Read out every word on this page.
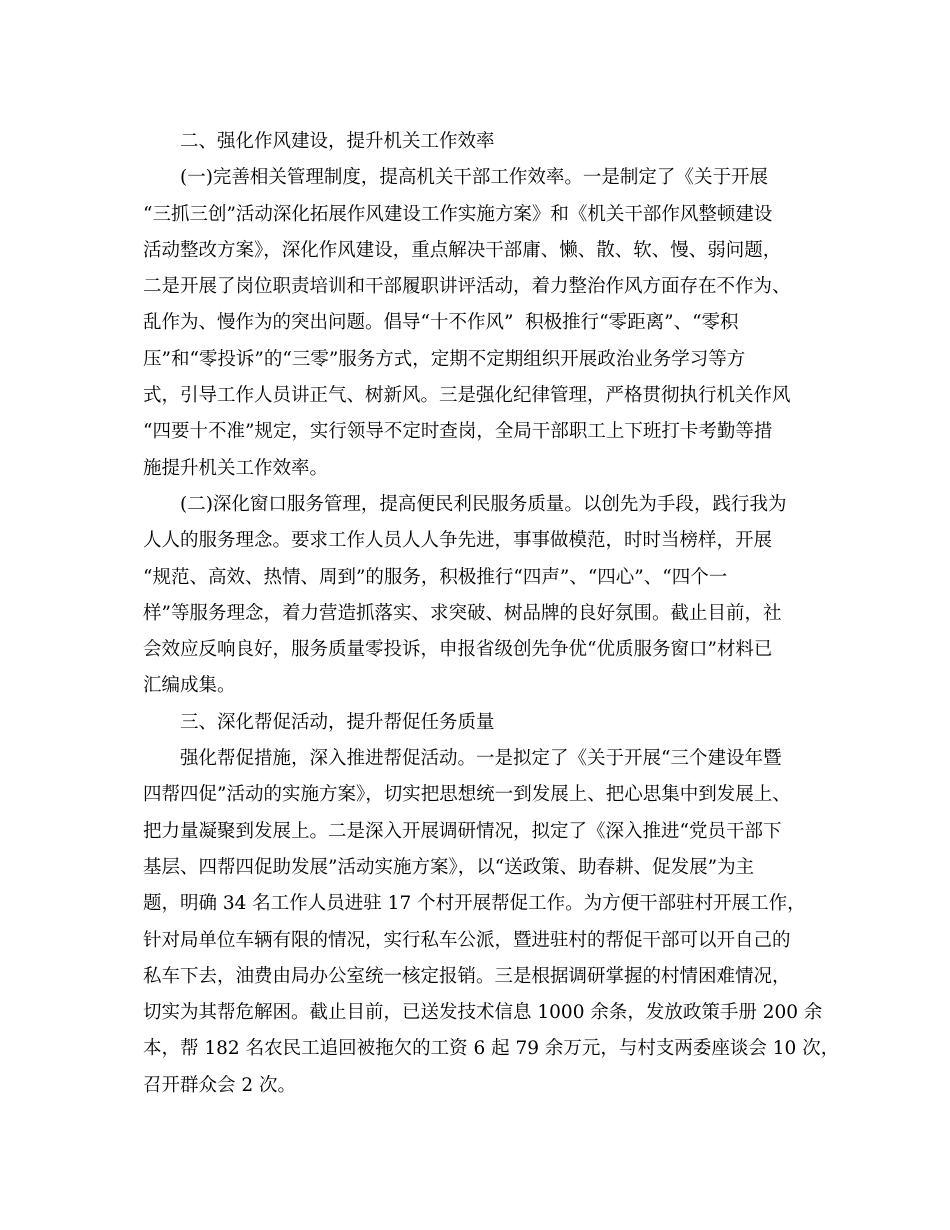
二、强化作风建设，提升机关工作效率
(一)完善相关管理制度，提高机关干部工作效率。一是制定了《关于开展
“三抓三创”活动深化拓展作风建设工作实施方案》和《机关干部作风整顿建设
活动整改方案》，深化作风建设，重点解决干部庸、懒、散、软、慢、弱问题，
二是开展了岗位职责培训和干部履职讲评活动，着力整治作风方面存在不作为、
乱作为、慢作为的突出问题。倡导“十不作风”  积极推行“零距离”、“零积
压”和“零投诉”的“三零”服务方式，定期不定期组织开展政治业务学习等方
式，引导工作人员讲正气、树新风。三是强化纪律管理，严格贯彻执行机关作风
“四要十不准”规定，实行领导不定时查岗，全局干部职工上下班打卡考勤等措
施提升机关工作效率。
(二)深化窗口服务管理，提高便民利民服务质量。以创先为手段，践行我为
人人的服务理念。要求工作人员人人争先进，事事做模范，时时当榜样，开展
“规范、高效、热情、周到”的服务，积极推行“四声”、“四心”、“四个一
样”等服务理念，着力营造抓落实、求突破、树品牌的良好氛围。截止目前，社
会效应反响良好，服务质量零投诉，申报省级创先争优“优质服务窗口”材料已
汇编成集。
三、深化帮促活动，提升帮促任务质量
强化帮促措施，深入推进帮促活动。一是拟定了《关于开展“三个建设年暨
四帮四促”活动的实施方案》，切实把思想统一到发展上、把心思集中到发展上、
把力量凝聚到发展上。二是深入开展调研情况，拟定了《深入推进“党员干部下
基层、四帮四促助发展”活动实施方案》，以“送政策、助春耕、促发展”为主
题，明确 34 名工作人员进驻 17 个村开展帮促工作。为方便干部驻村开展工作，
针对局单位车辆有限的情况，实行私车公派，暨进驻村的帮促干部可以开自己的
私车下去，油费由局办公室统一核定报销。三是根据调研掌握的村情困难情况，
切实为其帮危解困。截止目前，已送发技术信息 1000 余条，发放政策手册 200 余
本，帮 182 名农民工追回被拖欠的工资 6 起 79 余万元，与村支两委座谈会 10 次，
召开群众会 2 次。
